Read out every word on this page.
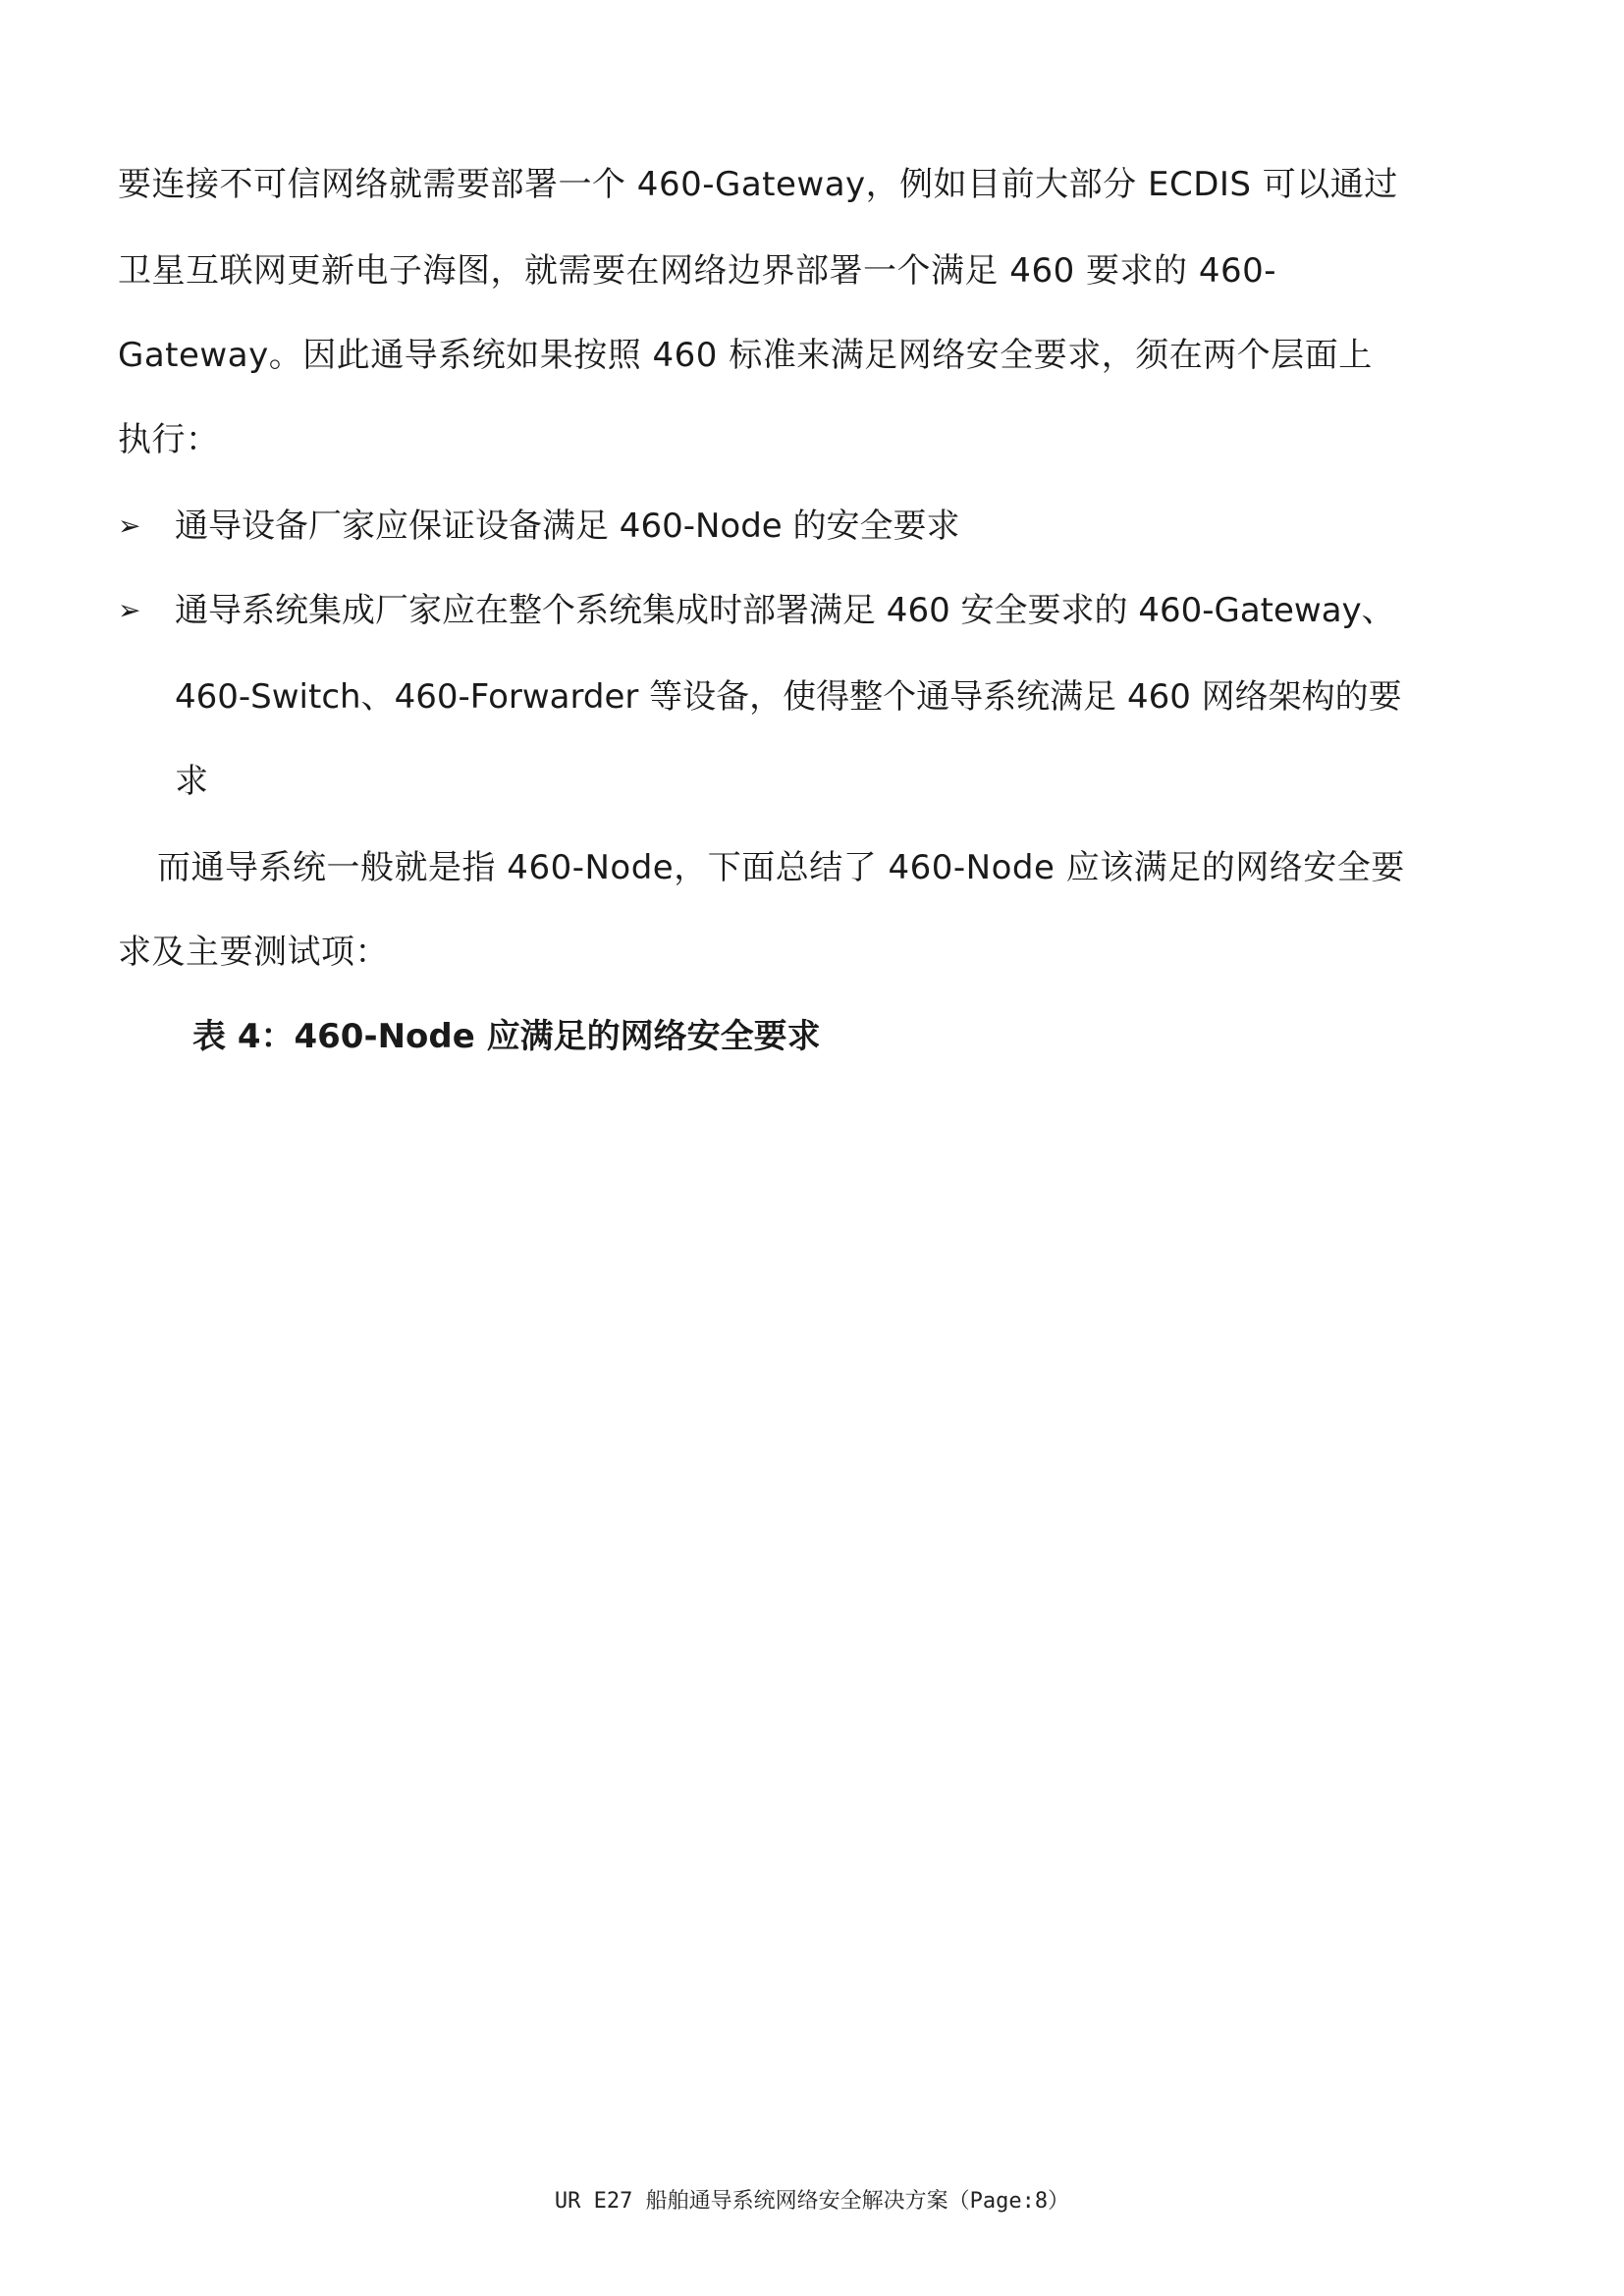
要连接不可信网络就需要部署一个 460-Gateway，例如目前大部分 ECDIS 可以通过
卫星互联网更新电子海图，就需要在网络边界部署一个满足 460 要求的 460-
Gateway。因此通导系统如果按照 460 标准来满足网络安全要求，须在两个层面上
执行：
➢ 通导设备厂家应保证设备满足 460-Node 的安全要求
➢ 通导系统集成厂家应在整个系统集成时部署满足 460 安全要求的 460-Gateway、
460-Switch、460-Forwarder 等设备，使得整个通导系统满足 460 网络架构的要
求
而通导系统一般就是指 460-Node，下面总结了 460-Node 应该满足的网络安全要
求及主要测试项：
表 4：460-Node 应满足的网络安全要求
UR E27 船舶通导系统网络安全解决方案（Page:8）
